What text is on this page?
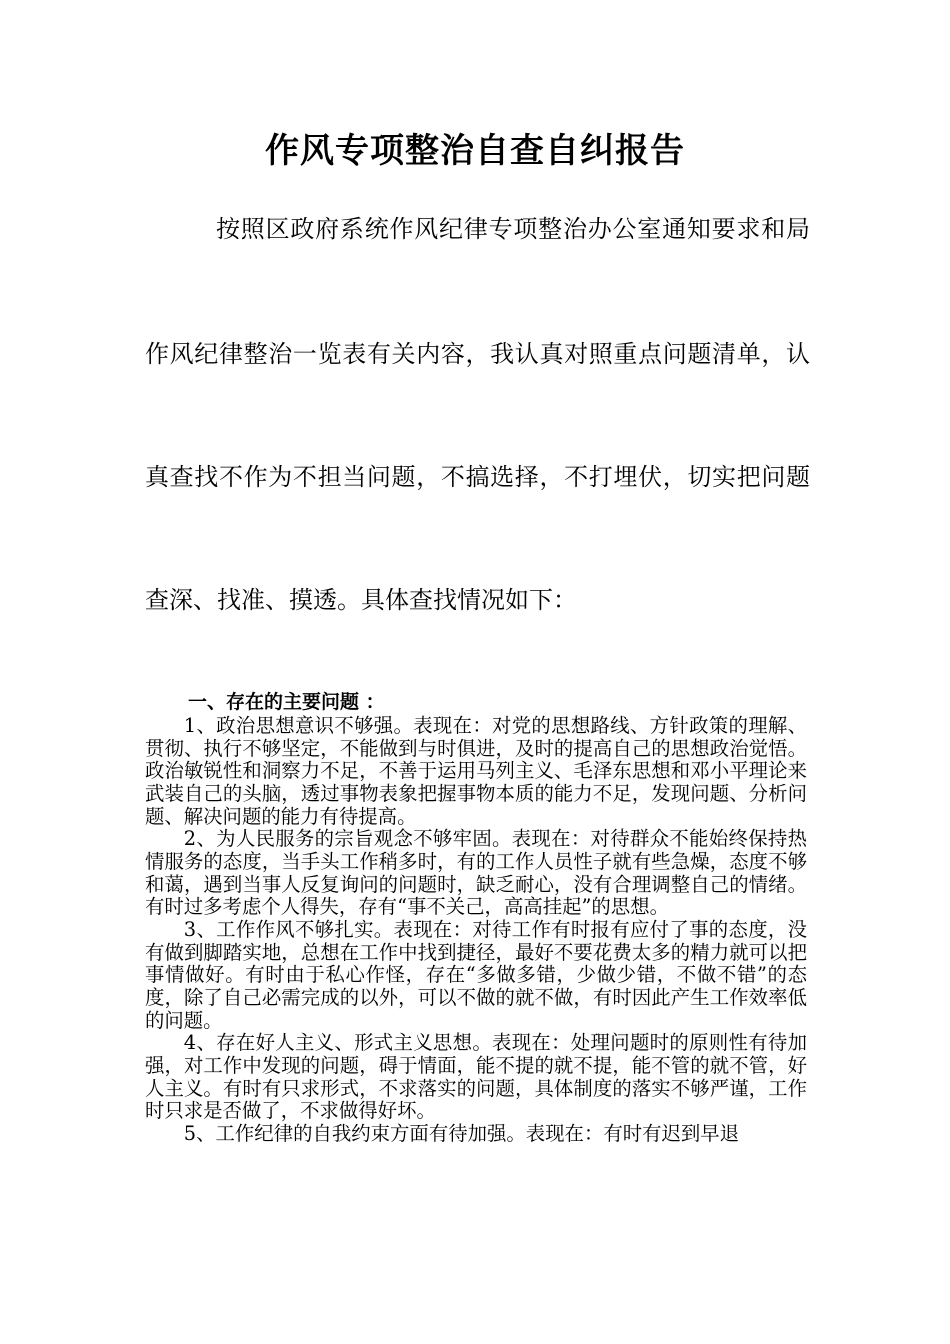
作风专项整治自查自纠报告

按照区政府系统作风纪律专项整治办公室通知要求和局

作风纪律整治一览表有关内容，我认真对照重点问题清单，认

真查找不作为不担当问题，不搞选择，不打埋伏，切实把问题

查深、找准、摸透。具体查找情况如下：

一、存在的主要问题 ：

1、政治思想意识不够强。表现在：对党的思想路线、方针政策的理解、贯彻、执行不够坚定，不能做到与时俱进，及时的提高自己的思想政治觉悟。政治敏锐性和洞察力不足，不善于运用马列主义、毛泽东思想和邓小平理论来武装自己的头脑，透过事物表象把握事物本质的能力不足，发现问题、分析问题、解决问题的能力有待提高。

2、为人民服务的宗旨观念不够牢固。表现在：对待群众不能始终保持热情服务的态度，当手头工作稍多时，有的工作人员性子就有些急燥，态度不够和蔼，遇到当事人反复询问的问题时，缺乏耐心，没有合理调整自己的情绪。有时过多考虑个人得失，存有“事不关己，高高挂起”的思想。

3、工作作风不够扎实。表现在：对待工作有时报有应付了事的态度，没有做到脚踏实地，总想在工作中找到捷径，最好不要花费太多的精力就可以把事情做好。有时由于私心作怪，存在“多做多错，少做少错，不做不错”的态度，除了自己必需完成的以外，可以不做的就不做，有时因此产生工作效率低的问题。

4、存在好人主义、形式主义思想。表现在：处理问题时的原则性有待加强，对工作中发现的问题，碍于情面，能不提的就不提，能不管的就不管，好人主义。有时有只求形式，不求落实的问题，具体制度的落实不够严谨，工作时只求是否做了，不求做得好坏。

5、工作纪律的自我约束方面有待加强。表现在：有时有迟到早退
